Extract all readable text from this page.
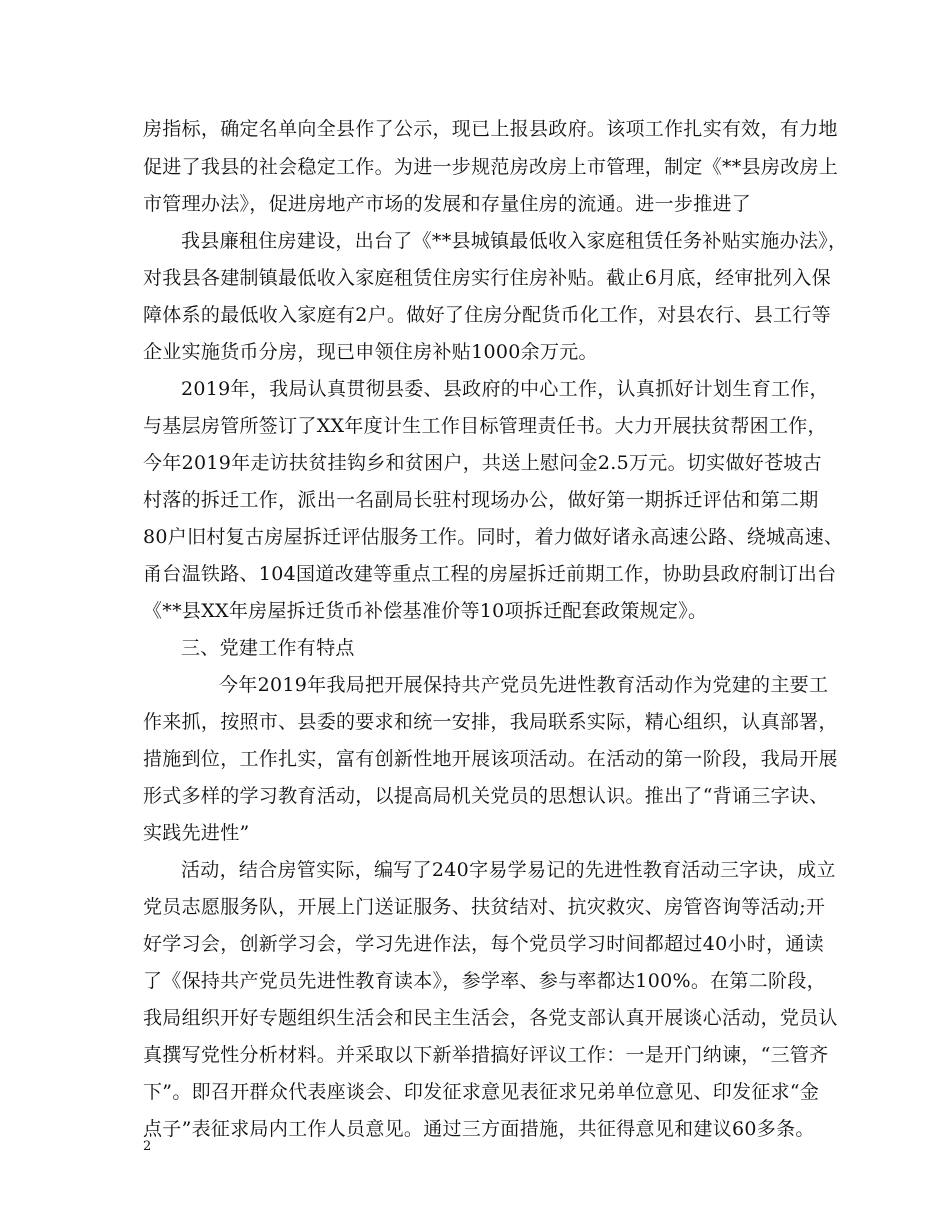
房指标，确定名单向全县作了公示，现已上报县政府。该项工作扎实有效，有力地
促进了我县的社会稳定工作。为进一步规范房改房上市管理，制定《**县房改房上
市管理办法》，促进房地产市场的发展和存量住房的流通。进一步推进了
我县廉租住房建设，出台了《**县城镇最低收入家庭租赁任务补贴实施办法》，
对我县各建制镇最低收入家庭租赁住房实行住房补贴。截止6月底，经审批列入保
障体系的最低收入家庭有2户。做好了住房分配货币化工作，对县农行、县工行等
企业实施货币分房，现已申领住房补贴1000余万元。
2019年，我局认真贯彻县委、县政府的中心工作，认真抓好计划生育工作，
与基层房管所签订了XX年度计生工作目标管理责任书。大力开展扶贫帮困工作，
今年2019年走访扶贫挂钩乡和贫困户，共送上慰问金2.5万元。切实做好苍坡古
村落的拆迁工作，派出一名副局长驻村现场办公，做好第一期拆迁评估和第二期
80户旧村复古房屋拆迁评估服务工作。同时，着力做好诸永高速公路、绕城高速、
甬台温铁路、104国道改建等重点工程的房屋拆迁前期工作，协助县政府制订出台
《**县XX年房屋拆迁货币补偿基准价等10项拆迁配套政策规定》。
三、党建工作有特点
今年2019年我局把开展保持共产党员先进性教育活动作为党建的主要工
作来抓，按照市、县委的要求和统一安排，我局联系实际，精心组织，认真部署，
措施到位，工作扎实，富有创新性地开展该项活动。在活动的第一阶段，我局开展
形式多样的学习教育活动，以提高局机关党员的思想认识。推出了“背诵三字诀、
实践先进性”
活动，结合房管实际，编写了240字易学易记的先进性教育活动三字诀，成立
党员志愿服务队，开展上门送证服务、扶贫结对、抗灾救灾、房管咨询等活动;开
好学习会，创新学习会，学习先进作法，每个党员学习时间都超过40小时，通读
了《保持共产党员先进性教育读本》，参学率、参与率都达100%。在第二阶段，
我局组织开好专题组织生活会和民主生活会，各党支部认真开展谈心活动，党员认
真撰写党性分析材料。并采取以下新举措搞好评议工作：一是开门纳谏，“三管齐
下”。即召开群众代表座谈会、印发征求意见表征求兄弟单位意见、印发征求“金
点子”表征求局内工作人员意见。通过三方面措施，共征得意见和建议60多条。
2
